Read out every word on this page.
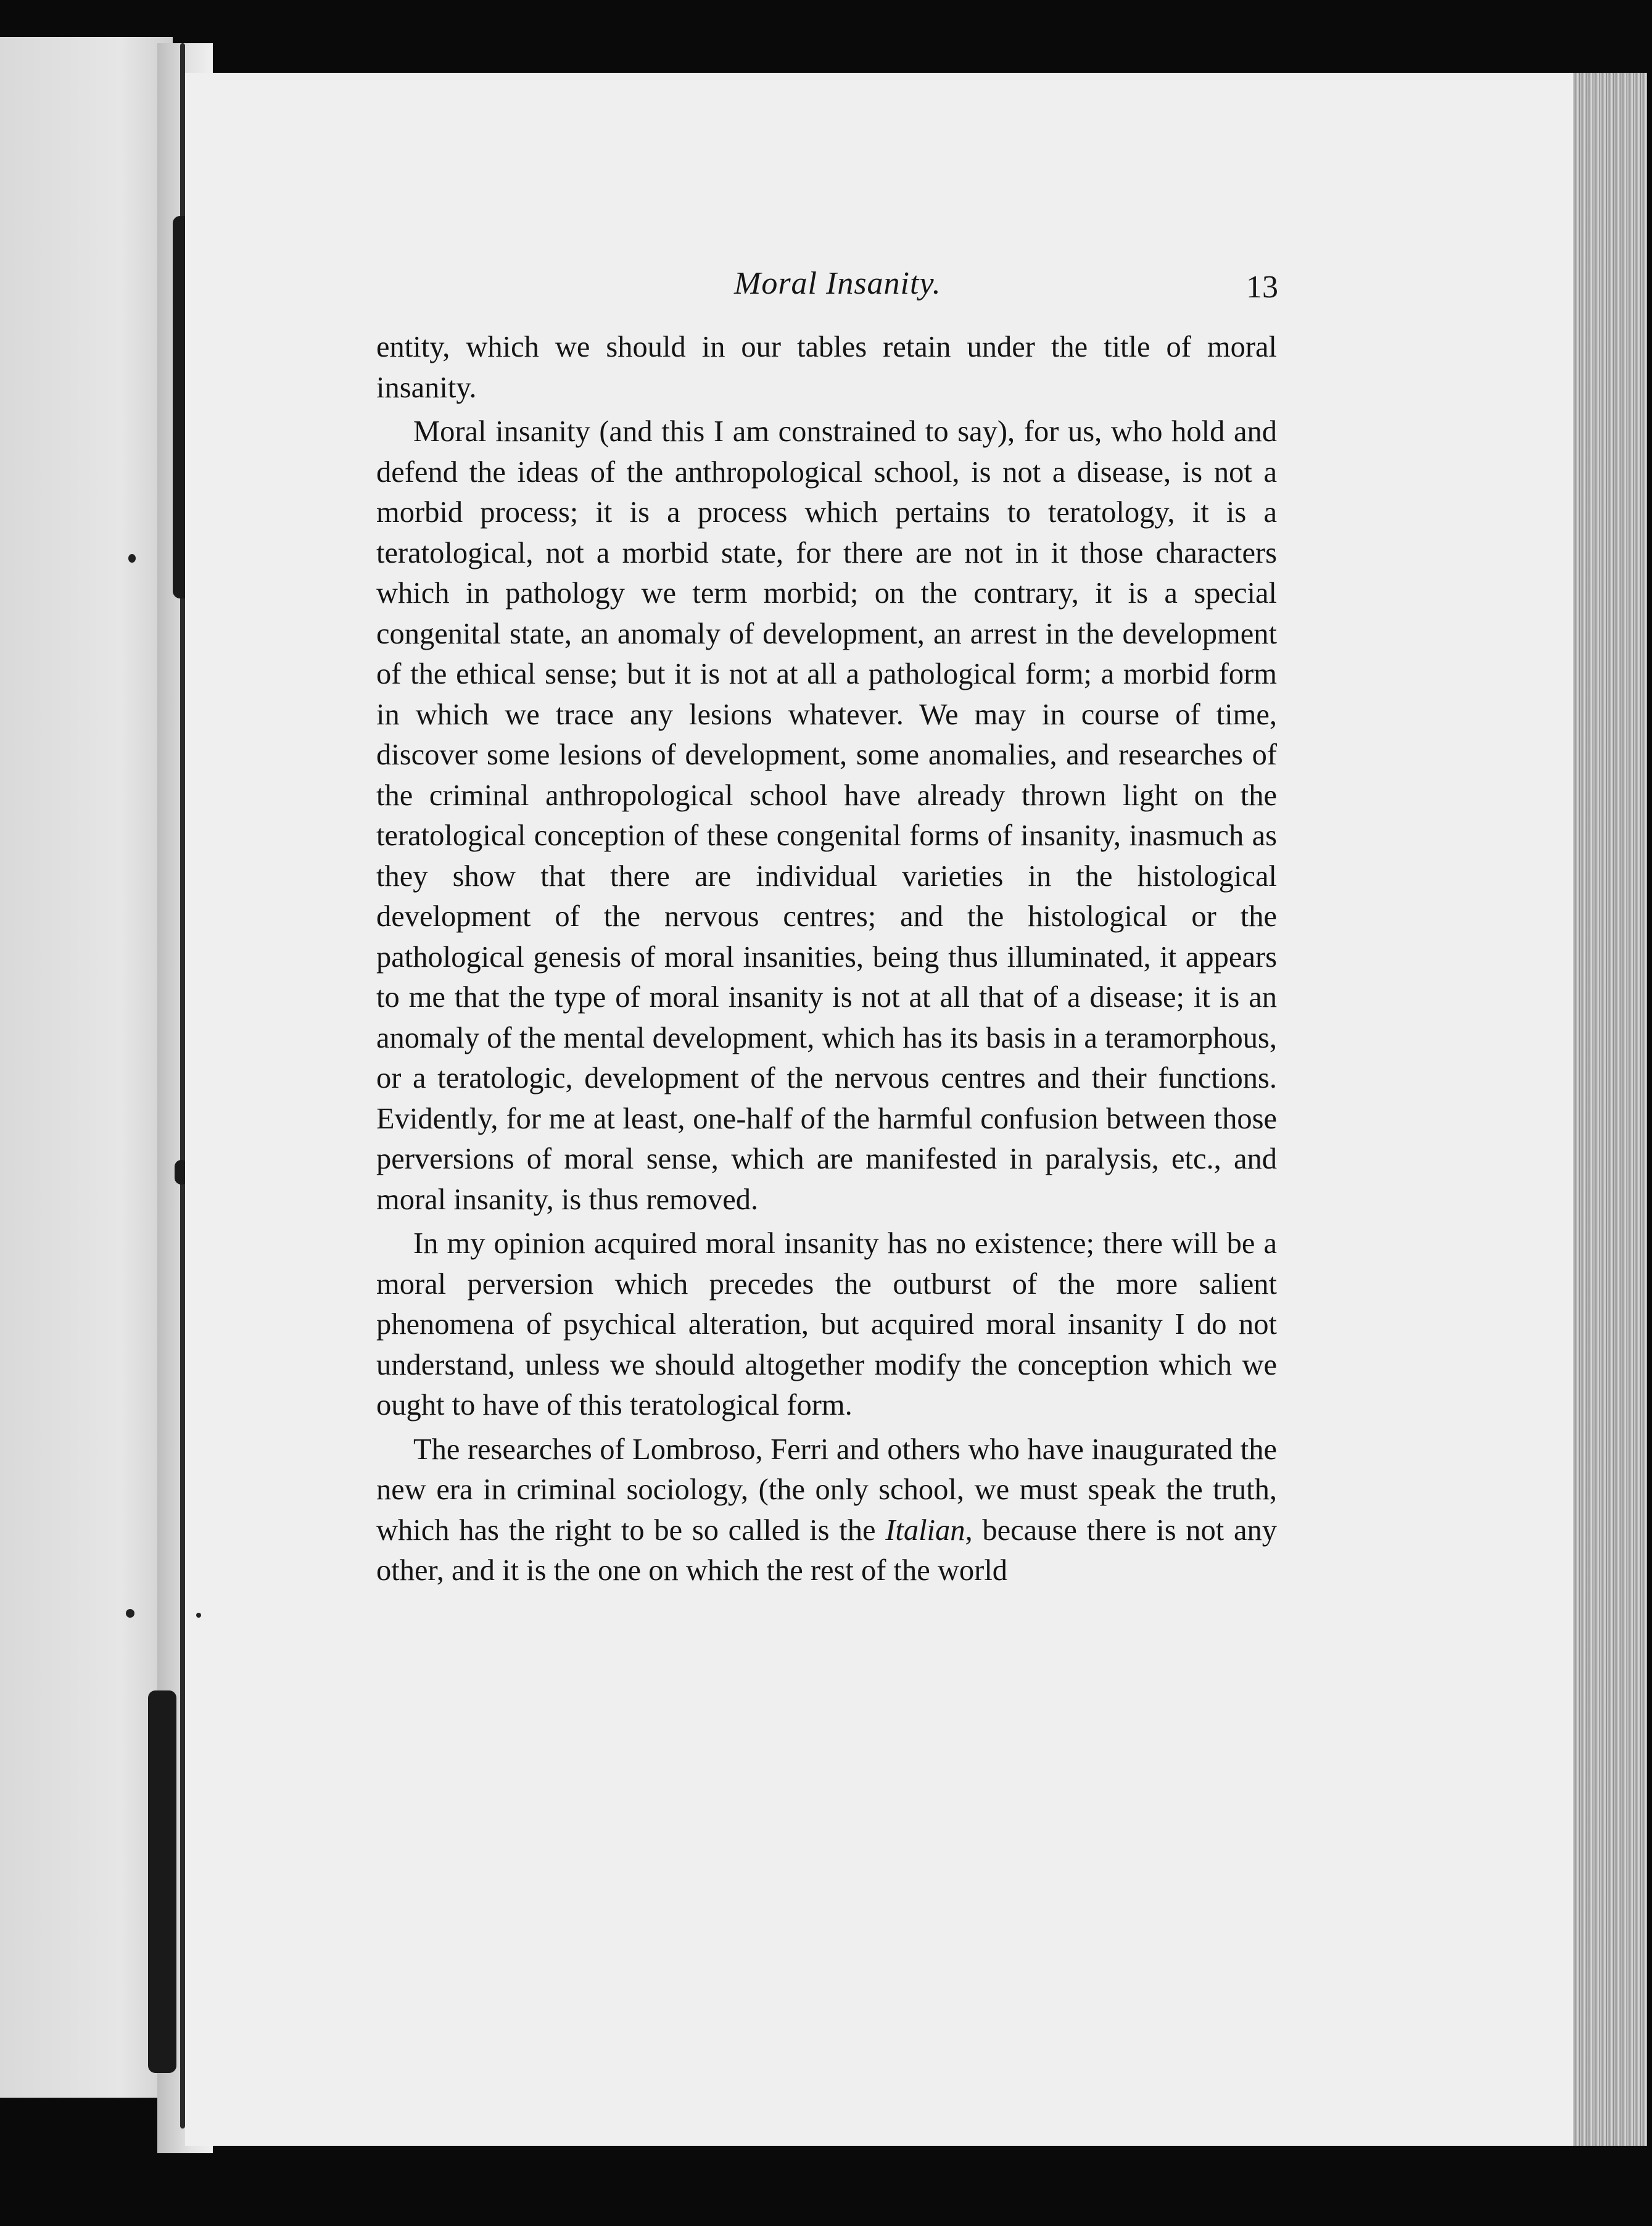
Moral Insanity.	13

entity, which we should in our tables retain under the title of moral insanity.

Moral insanity (and this I am constrained to say), for us, who hold and defend the ideas of the anthropological school, is not a disease, is not a morbid process; it is a process which pertains to teratology, it is a teratological, not a morbid state, for there are not in it those characters which in pathology we term morbid; on the contrary, it is a special congenital state, an anomaly of development, an arrest in the development of the ethical sense; but it is not at all a pathological form; a morbid form in which we trace any lesions whatever. We may in course of time, discover some lesions of development, some anomalies, and researches of the criminal anthropological school have already thrown light on the teratological conception of these congenital forms of insanity, inasmuch as they show that there are individual varieties in the histological development of the nervous centres; and the histological or the pathological genesis of moral insanities, being thus illuminated, it appears to me that the type of moral insanity is not at all that of a disease; it is an anomaly of the mental development, which has its basis in a teramorphous, or a teratologic, development of the nervous centres and their functions. Evidently, for me at least, one-half of the harmful confusion between those perversions of moral sense, which are manifested in paralysis, etc., and moral insanity, is thus removed.

In my opinion acquired moral insanity has no existence; there will be a moral perversion which precedes the outburst of the more salient phenomena of psychical alteration, but acquired moral insanity I do not understand, unless we should altogether modify the conception which we ought to have of this teratological form.

The researches of Lombroso, Ferri and others who have inaugurated the new era in criminal sociology, (the only school, we must speak the truth, which has the right to be so called is the Italian, because there is not any other, and it is the one on which the rest of the world
